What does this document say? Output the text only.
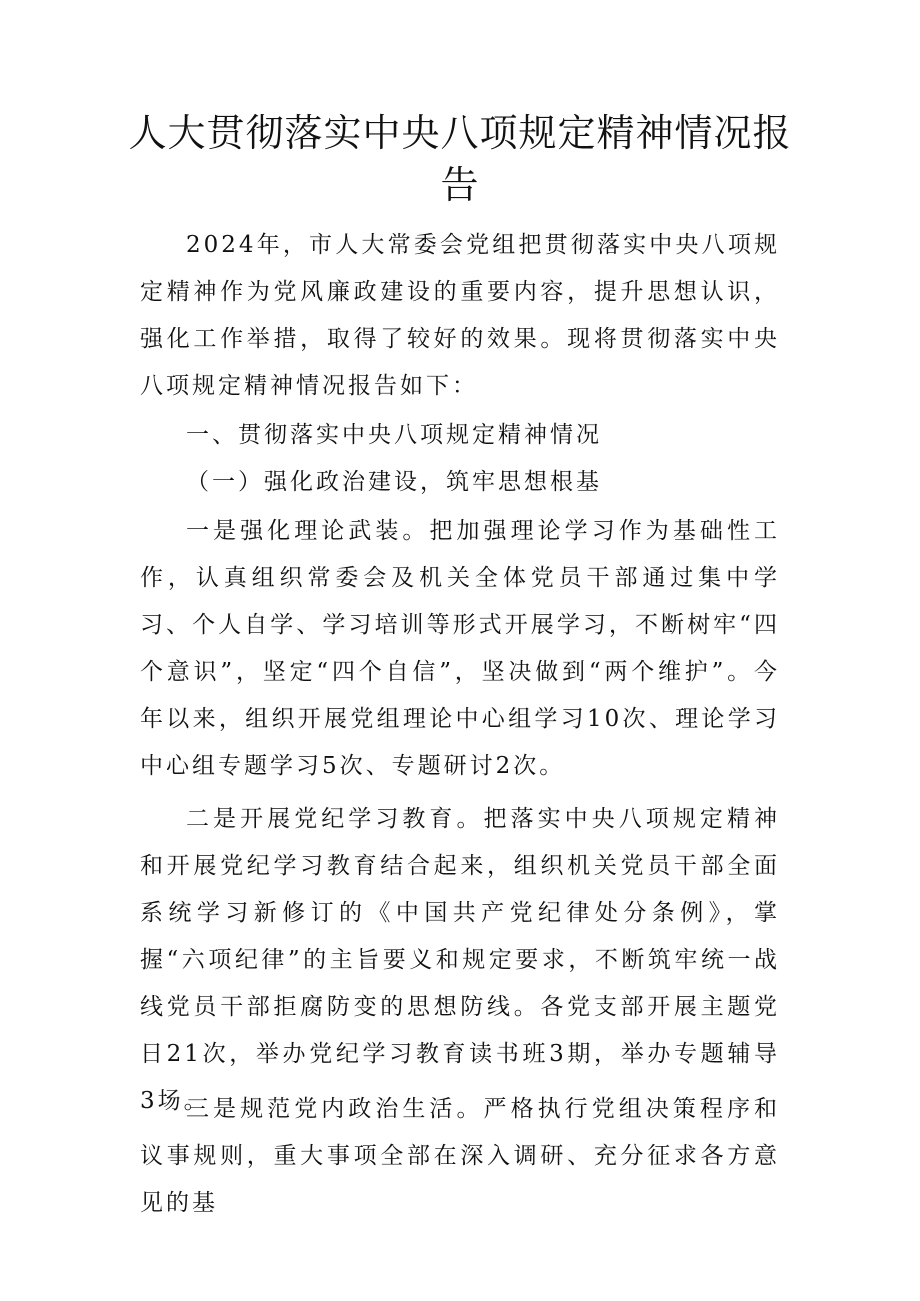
人大贯彻落实中央八项规定精神情况报
告

2024年，市人大常委会党组把贯彻落实中央八项规定精神作为党风廉政建设的重要内容，提升思想认识，强化工作举措，取得了较好的效果。现将贯彻落实中央八项规定精神情况报告如下：

一、贯彻落实中央八项规定精神情况

（一）强化政治建设，筑牢思想根基

一是强化理论武装。把加强理论学习作为基础性工作，认真组织常委会及机关全体党员干部通过集中学习、个人自学、学习培训等形式开展学习，不断树牢“四个意识”，坚定“四个自信”，坚决做到“两个维护”。今年以来，组织开展党组理论中心组学习10次、理论学习中心组专题学习5次、专题研讨2次。

二是开展党纪学习教育。把落实中央八项规定精神和开展党纪学习教育结合起来，组织机关党员干部全面系统学习新修订的《中国共产党纪律处分条例》，掌握“六项纪律”的主旨要义和规定要求，不断筑牢统一战线党员干部拒腐防变的思想防线。各党支部开展主题党日21次，举办党纪学习教育读书班3期，举办专题辅导3场。

三是规范党内政治生活。严格执行党组决策程序和议事规则，重大事项全部在深入调研、充分征求各方意见的基
